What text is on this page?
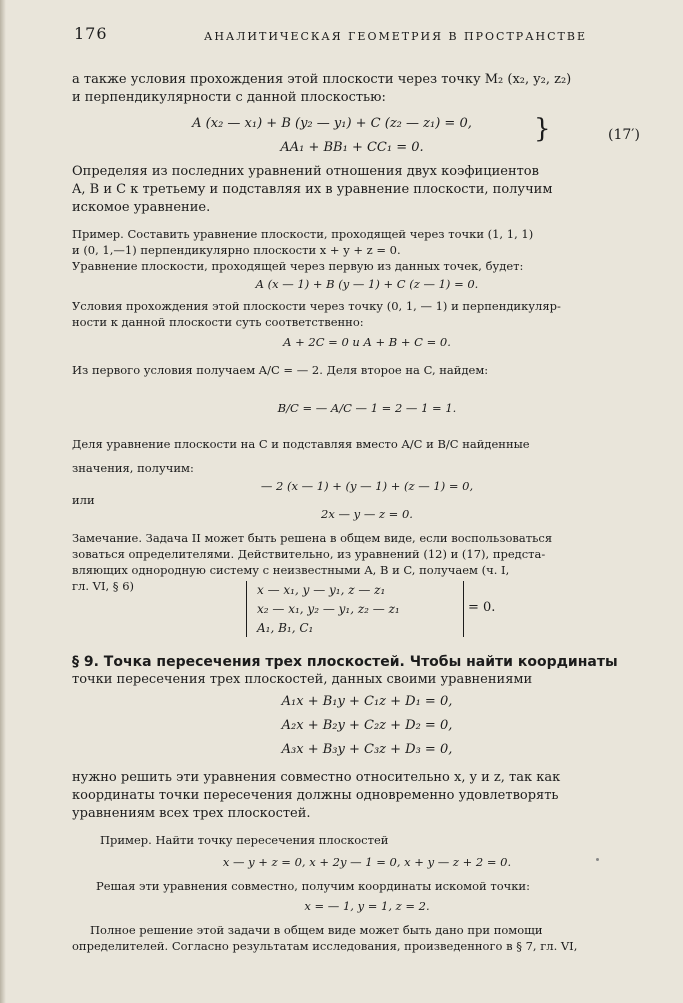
176	АНАЛИТИЧЕСКАЯ ГЕОМЕТРИЯ В ПРОСТРАНСТВЕ
а также условия прохождения этой плоскости через точку M₂ (x₂, y₂, z₂)
и перпендикулярности с данной плоскостью:
A (x₂ — x₁) + B (y₂ — y₁) + C (z₂ — z₁) = 0,
AA₁ + BB₁ + CC₁ = 0.
}	(17′)
Определяя из последних уравнений отношения двух коэфициентов
A, B и C к третьему и подставляя их в уравнение плоскости, получим
искомое уравнение.
Пример. Составить уравнение плоскости, проходящей через точки (1, 1, 1)
и (0, 1,—1) перпендикулярно плоскости x + y + z = 0.
Уравнение плоскости, проходящей через первую из данных точек, будет:
A (x — 1) + B (y — 1) + C (z — 1) = 0.
Условия прохождения этой плоскости через точку (0, 1, — 1) и перпендикуляр-
ности к данной плоскости суть соответственно:
A + 2C = 0 и A + B + C = 0.
Из первого условия получаем A/C = — 2. Деля второе на C, найдем:
B/C = — A/C — 1 = 2 — 1 = 1.
Деля уравнение плоскости на C и подставляя вместо A/C и B/C найденные
значения, получим:
— 2 (x — 1) + (y — 1) + (z — 1) = 0,
или
2x — y — z = 0.
Замечание. Задача II может быть решена в общем виде, если воспользоваться
зоваться определителями. Действительно, из уравнений (12) и (17), предста-
вляющих однородную систему с неизвестными A, B и C, получаем (ч. I,
гл. VI, § 6)	x — x₁, y — y₁, z — z₁
x₂ — x₁, y₂ — y₁, z₂ — z₁
A₁, B₁, C₁
= 0.
§ 9. Точка пересечения трех плоскостей. Чтобы найти координаты
точки пересечения трех плоскостей, данных своими уравнениями
A₁x + B₁y + C₁z + D₁ = 0,
A₂x + B₂y + C₂z + D₂ = 0,
A₃x + B₃y + C₃z + D₃ = 0,
нужно решить эти уравнения совместно относительно x, y и z, так как
координаты точки пересечения должны одновременно удовлетворять
уравнениям всех трех плоскостей.
Пример. Найти точку пересечения плоскостей
x — y + z = 0, x + 2y — 1 = 0, x + y — z + 2 = 0.
Решая эти уравнения совместно, получим координаты искомой точки:
x = — 1, y = 1, z = 2.
Полное решение этой задачи в общем виде может быть дано при помощи
определителей. Согласно результатам исследования, произведенного в § 7, гл. VI,
